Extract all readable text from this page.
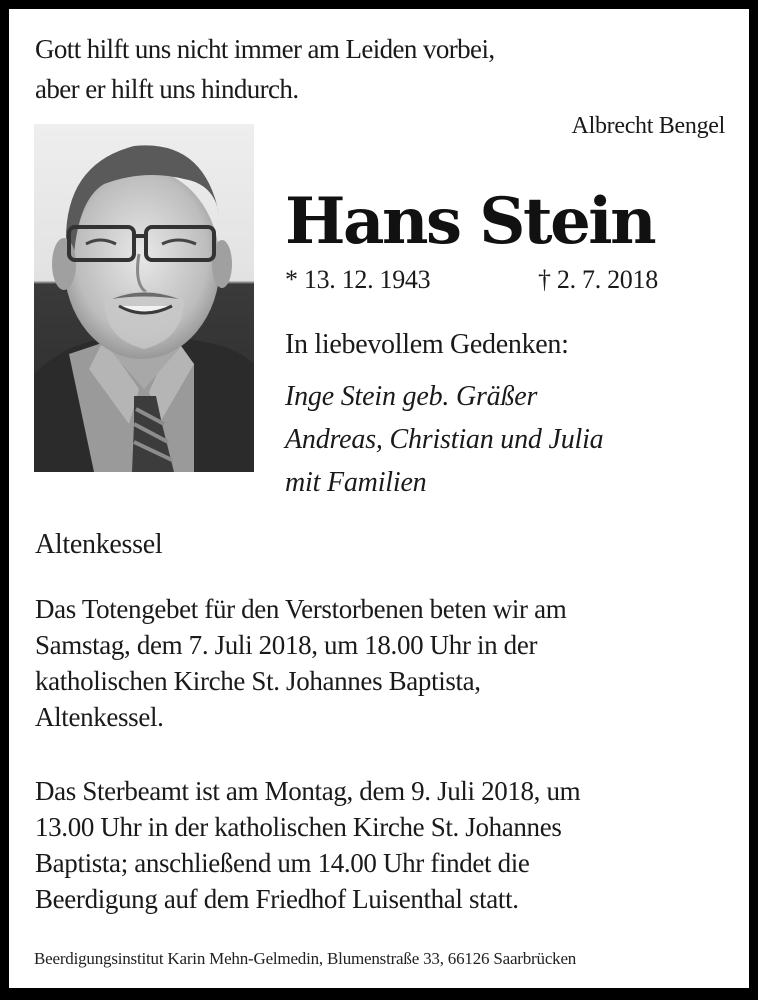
Gott hilft uns nicht immer am Leiden vorbei,
aber er hilft uns hindurch.
Albrecht Bengel
Hans Stein
* 13. 12. 1943	† 2. 7. 2018
In liebevollem Gedenken:
Inge Stein geb. Gräßer
Andreas, Christian und Julia
mit Familien
Altenkessel
Das Totengebet für den Verstorbenen beten wir am
Samstag, dem 7. Juli 2018, um 18.00 Uhr in der
katholischen Kirche St. Johannes Baptista,
Altenkessel.
Das Sterbeamt ist am Montag, dem 9. Juli 2018, um
13.00 Uhr in der katholischen Kirche St. Johannes
Baptista; anschließend um 14.00 Uhr findet die
Beerdigung auf dem Friedhof Luisenthal statt.
Beerdigungsinstitut Karin Mehn-Gelmedin, Blumenstraße 33, 66126 Saarbrücken
